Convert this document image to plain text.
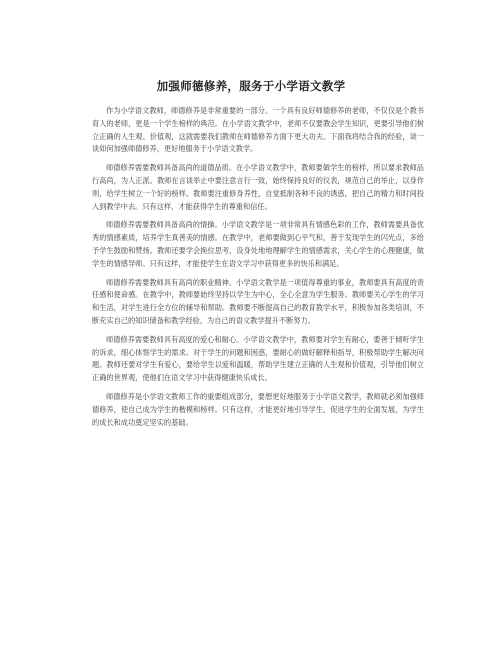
加强师德修养，服务于小学语文教学

作为小学语文教师，师德修养是非常重要的一部分。一个具有良好师德修养的老师，不仅仅是个教书育人的老师，更是一个学生榜样的典范。在小学语文教学中，老师不仅要教会学生知识，更要引导他们树立正确的人生观、价值观，这就需要我们教师在师德修养方面下更大功夫。下面我将结合我的经验，谈一谈如何加强师德修养，更好地服务于小学语文教学。

师德修养需要教师具备高尚的道德品质。在小学语文教学中，教师要做学生的榜样，所以要求教师品行高尚，为人正派。教师在言谈举止中要注意言行一致，始终保持良好的仪表，规范自己的举止，以身作则，给学生树立一个好的榜样。教师要注重修身养性，自觉抵制各种不良的诱惑，把自己的精力和时间投入到教学中去。只有这样，才能获得学生的尊重和信任。

师德修养需要教师具备高尚的情操。小学语文教学是一项非常具有情感色彩的工作，教师需要具备优秀的情感素质，培养学生真善美的情感。在教学中，老师要做到心平气和，善于发现学生的闪光点，多给予学生鼓励和赞扬。教师还要学会换位思考，设身处地地理解学生的情感需求，关心学生的心理健康，做学生的情感导师。只有这样，才能使学生在语文学习中获得更多的快乐和满足。

师德修养需要教师具有高尚的职业精神。小学语文教学是一项值得尊重的事业，教师要具有高度的责任感和使命感。在教学中，教师要始终坚持以学生为中心，全心全意为学生服务。教师要关心学生的学习和生活，对学生进行全方位的辅导和帮助。教师要不断提高自己的教育教学水平，积极参加各类培训，不断充实自己的知识储备和教学经验，为自己的语文教学提升不断努力。

师德修养需要教师具有高度的爱心和耐心。小学语文教学中，教师要对学生有耐心，要善于倾听学生的诉求，细心体察学生的需求。对于学生的问题和困惑，要耐心的做好解释和指导，积极帮助学生解决问题。教师还要对学生有爱心，要给学生以爱和温暖，帮助学生建立正确的人生观和价值观，引导他们树立正确的世界观，使他们在语文学习中获得健康快乐成长。

师德修养是小学语文教师工作的重要组成部分，要想更好地服务于小学语文教学，教师就必须加强师德修养，使自己成为学生的楷模和榜样。只有这样，才能更好地引导学生，促进学生的全面发展，为学生的成长和成功奠定坚实的基础。
